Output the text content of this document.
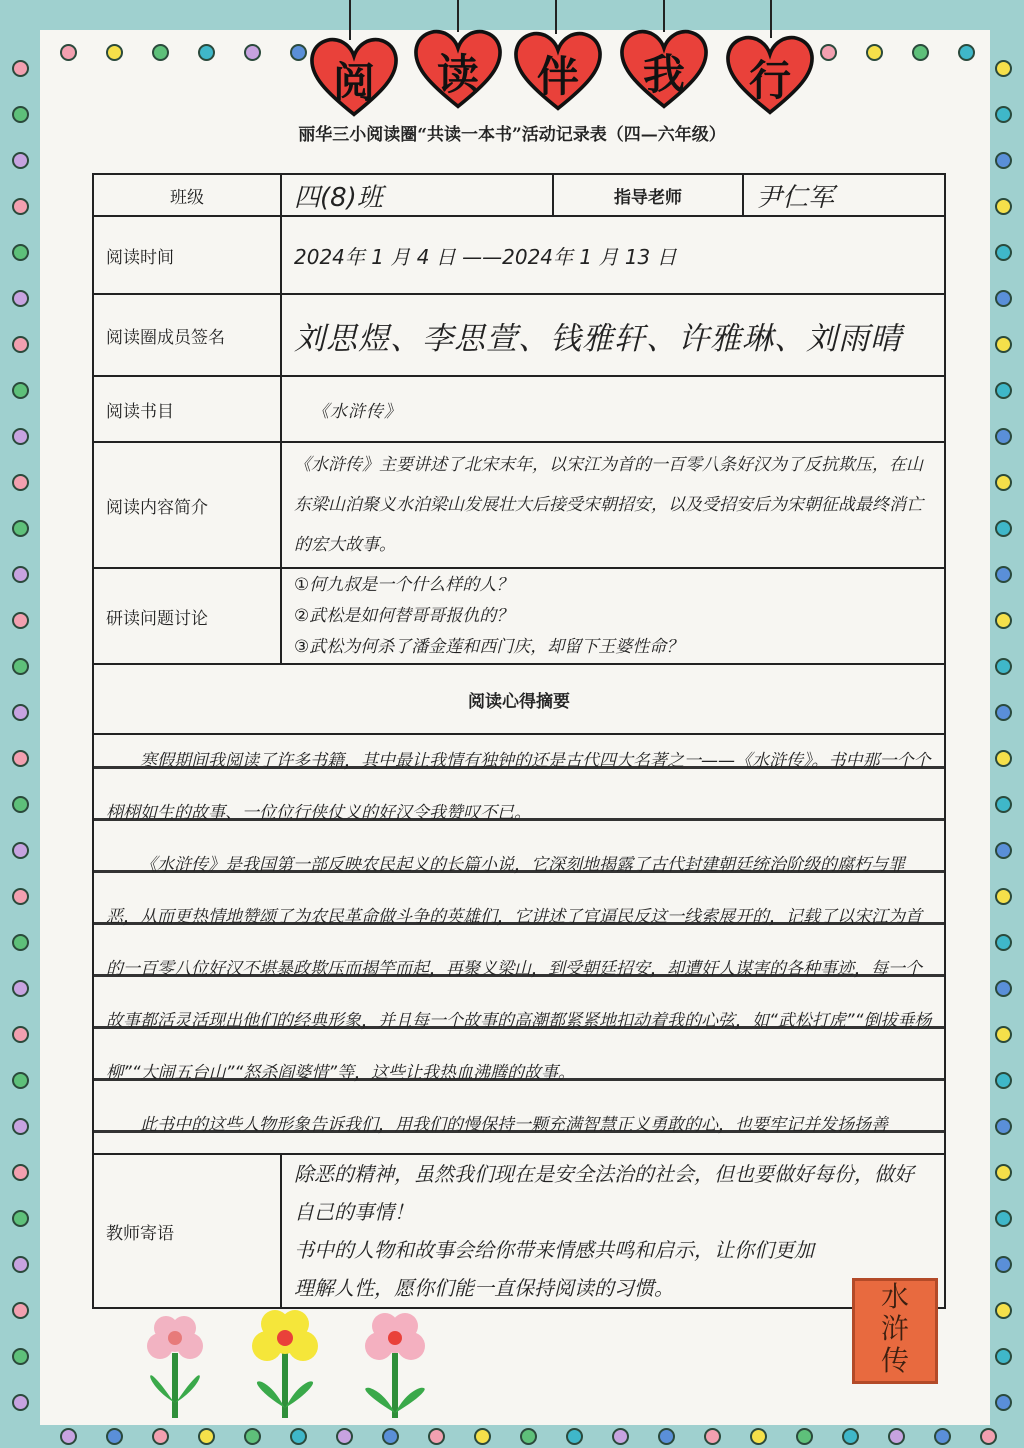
阅	读	伴	我	行
丽华三小阅读圈“共读一本书”活动记录表（四—六年级）
班级	四(8)班	指导老师	尹仁军
阅读时间	2024年 1 月 4 日 ——2024年 1 月 13 日		
阅读圈成员签名	刘思煜、李思萱、钱雅轩、许雅琳、刘雨晴		
阅读书目	《水浒传》		
阅读内容简介	《水浒传》主要讲述了北宋末年，以宋江为首的一百零八条好汉为了反抗欺压，在山东梁山泊聚义水泊梁山发展壮大后接受宋朝招安，以及受招安后为宋朝征战最终消亡的宏大故事。		
研读问题讨论	①何九叔是一个什么样的人？
②武松是如何替哥哥报仇的？
③武松为何杀了潘金莲和西门庆，却留下王婆性命？		

阅读心得摘要			

寒假期间我阅读了许多书籍，其中最让我情有独钟的还是古代四大名著之一——《水浒传》。书中那一个个栩栩如生的故事、一位位行侠仗义的好汉令我赞叹不已。

《水浒传》是我国第一部反映农民起义的长篇小说，它深刻地揭露了古代封建朝廷统治阶级的腐朽与罪恶，从而更热情地赞颂了为农民革命做斗争的英雄们，它讲述了官逼民反这一线索展开的，记载了以宋江为首的一百零八位好汉不堪暴政欺压而揭竿而起，再聚义梁山，到受朝廷招安，却遭奸人谋害的各种事迹，每一个故事都活灵活现出他们的经典形象，并且每一个故事的高潮都紧紧地扣动着我的心弦，如“武松打虎”“倒拔垂杨柳”“大闹五台山”“怒杀阎婆惜”等，这些让我热血沸腾的故事。

此书中的这些人物形象告诉我们，用我们的慢保持一颗充满智慧正义勇敢的心，也要牢记并发扬扬善			

教师寄语	除恶的精神，虽然我们现在是安全法治的社会，但也要做好每份，做好自己的事情！
书中的人物和故事会给你带来情感共鸣和启示，让你们更加
理解人性，愿你们能一直保持阅读的习惯。			水
浒
传
